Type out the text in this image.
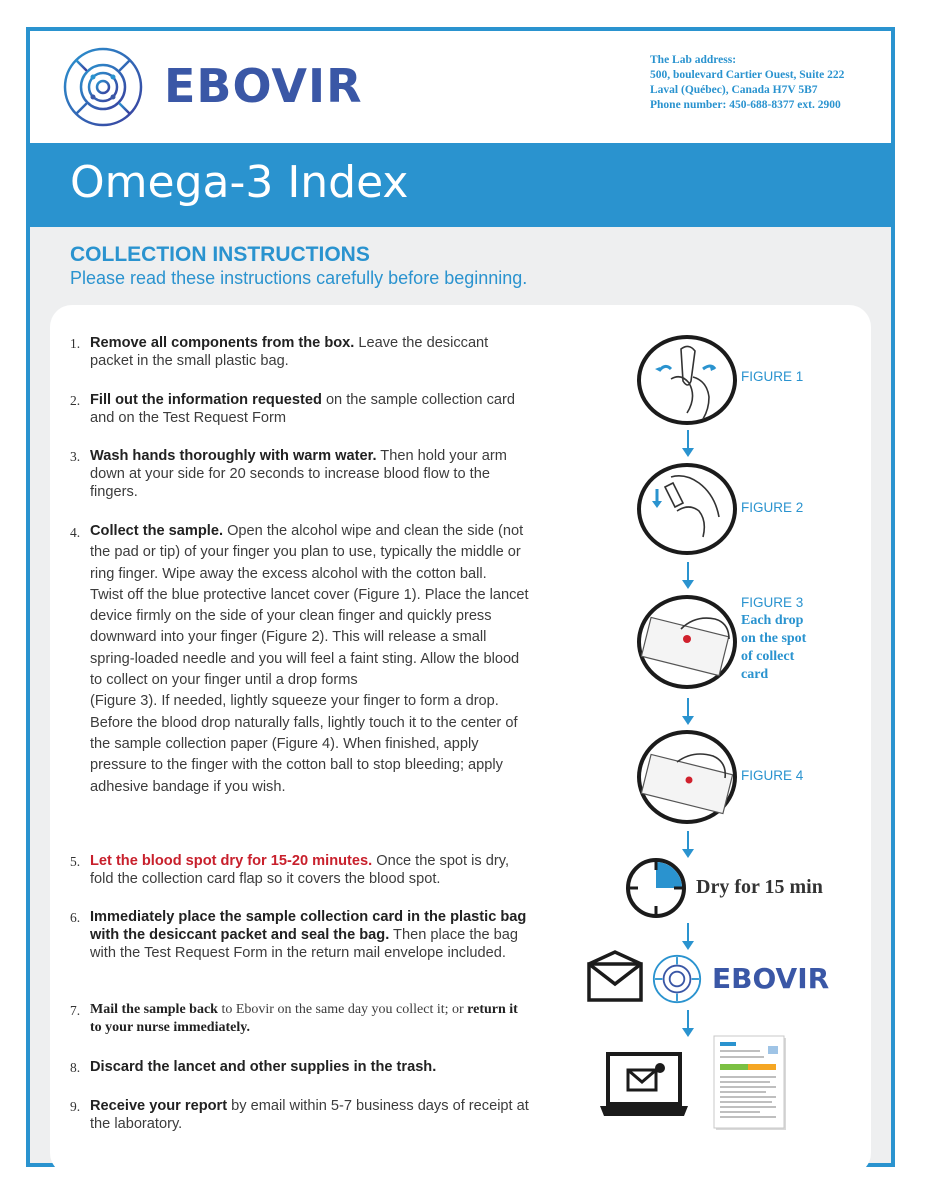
EBOVIR	The Lab address:
500, boulevard Cartier Ouest, Suite 222
Laval (Québec), Canada H7V 5B7
Phone number: 450-688-8377 ext. 2900
Omega-3 Index
COLLECTION INSTRUCTIONS
Please read these instructions carefully before beginning.
1. Remove all components from the box. Leave the desiccant packet in the small plastic bag.
2. Fill out the information requested on the sample collection card and on the Test Request Form
3. Wash hands thoroughly with warm water. Then hold your arm down at your side for 20 seconds to increase blood flow to the fingers.
4. Collect the sample. Open the alcohol wipe and clean the side (not the pad or tip) of your finger you plan to use, typically the middle or ring finger. Wipe away the excess alcohol with the cotton ball.
Twist off the blue protective lancet cover (Figure 1). Place the lancet device firmly on the side of your clean finger and quickly press downward into your finger (Figure 2). This will release a small spring-loaded needle and you will feel a faint sting. Allow the blood to collect on your finger until a drop forms
(Figure 3). If needed, lightly squeeze your finger to form a drop. Before the blood drop naturally falls, lightly touch it to the center of the sample collection paper (Figure 4). When finished, apply pressure to the finger with the cotton ball to stop bleeding; apply adhesive bandage if you wish.
5. Let the blood spot dry for 15-20 minutes. Once the spot is dry, fold the collection card flap so it covers the blood spot.
6. Immediately place the sample collection card in the plastic bag with the desiccant packet and seal the bag. Then place the bag with the Test Request Form in the return mail envelope included.
7. Mail the sample back to Ebovir on the same day you collect it; or return it to your nurse immediately.
8. Discard the lancet and other supplies in the trash.
9. Receive your report by email within 5-7 business days of receipt at the laboratory.
FIGURE 1
FIGURE 2
FIGURE 3
Each drop
on the spot
of collect
card
FIGURE 4
Dry for 15 min
EBOVIR
